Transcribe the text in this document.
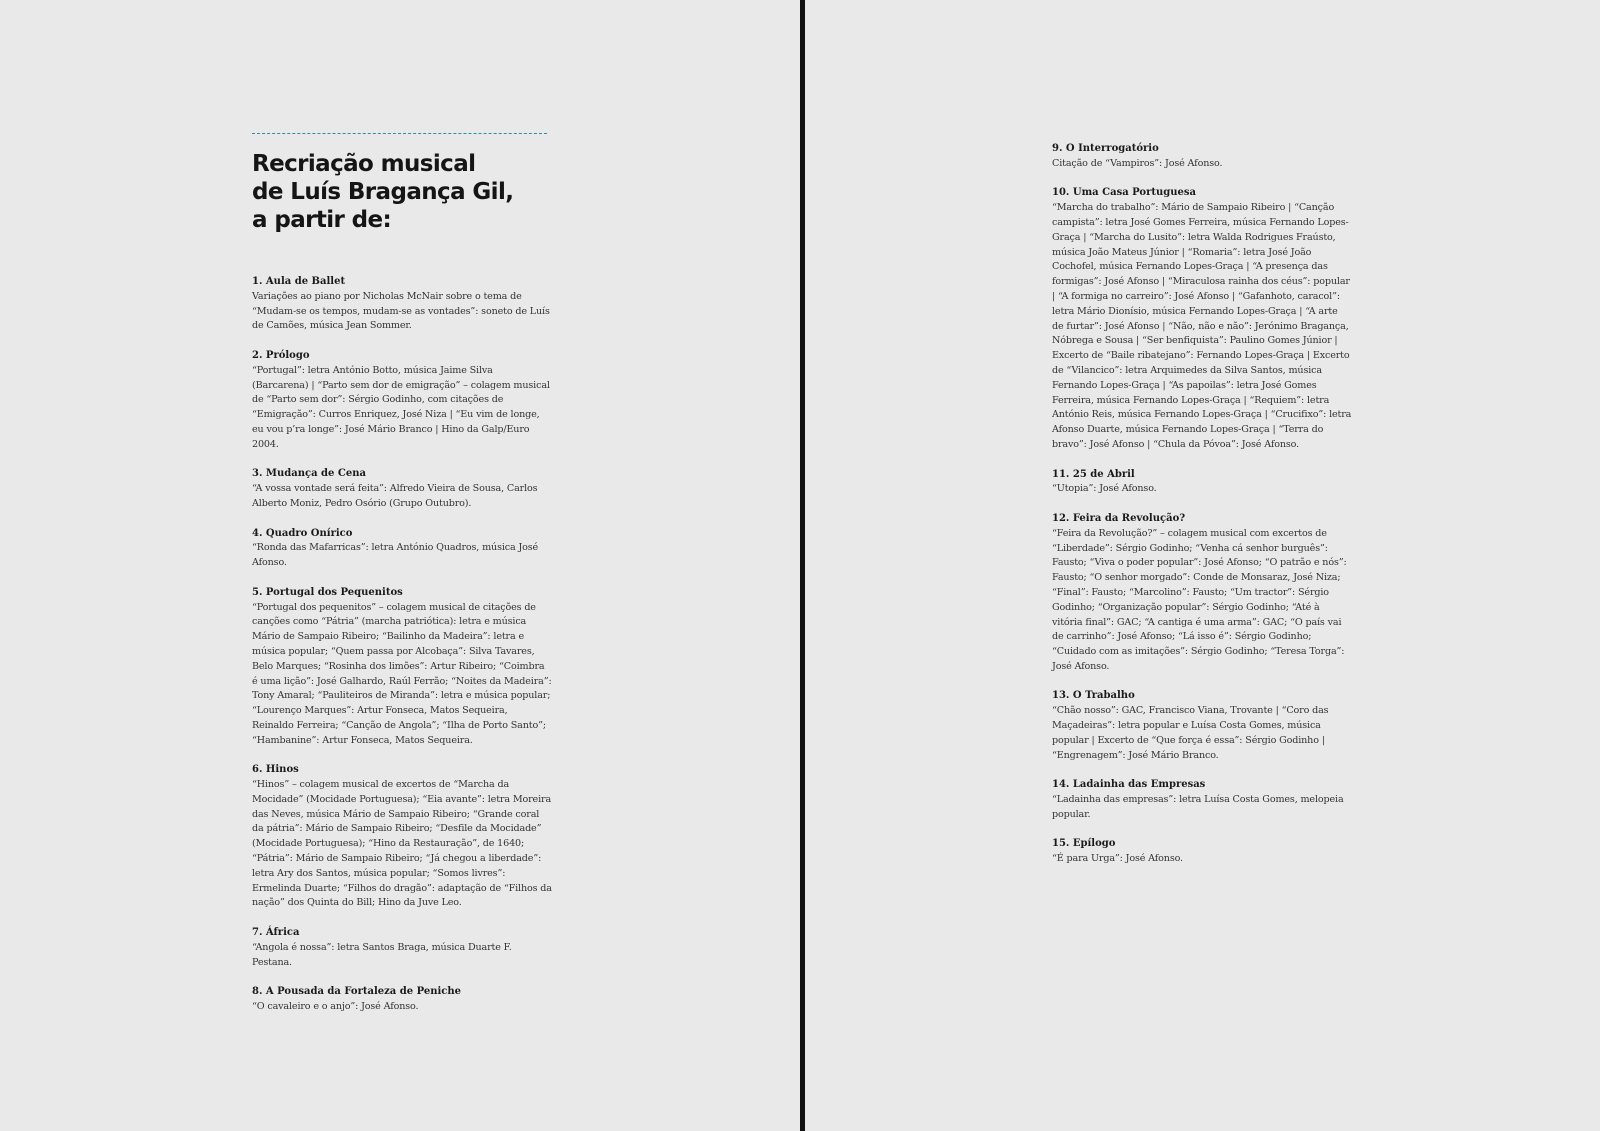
Recriação musical
de Luís Bragança Gil,
a partir de:

1. Aula de Ballet

Variações ao piano por Nicholas McNair sobre o tema de “Mudam-se os tempos, mudam-se as vontades”: soneto de Luís de Camões, música Jean Sommer.

2. Prólogo

“Portugal”: letra António Botto, música Jaime Silva (Barcarena) | “Parto sem dor de emigração” – colagem musical de “Parto sem dor”: Sérgio Godinho, com citações de “Emigração”: Curros Enriquez, José Niza | “Eu vim de longe, eu vou p’ra longe”: José Mário Branco | Hino da Galp/Euro 2004.

3. Mudança de Cena

“A vossa vontade será feita”: Alfredo Vieira de Sousa, Carlos Alberto Moniz, Pedro Osório (Grupo Outubro).

4. Quadro Onírico

“Ronda das Mafarricas”: letra António Quadros, música José Afonso.

5. Portugal dos Pequenitos

“Portugal dos pequenitos” – colagem musical de citações de canções como “Pátria” (marcha patriótica): letra e música Mário de Sampaio Ribeiro; “Bailinho da Madeira”: letra e música popular; “Quem passa por Alcobaça”: Silva Tavares, Belo Marques; “Rosinha dos limões”: Artur Ribeiro; “Coimbra é uma lição”: José Galhardo, Raúl Ferrão; “Noites da Madeira”: Tony Amaral; “Pauliteiros de Miranda”: letra e música popular; “Lourenço Marques”: Artur Fonseca, Matos Sequeira, Reinaldo Ferreira; “Canção de Angola”; “Ilha de Porto Santo”; “Hambanine”: Artur Fonseca, Matos Sequeira.

6. Hinos

“Hinos” – colagem musical de excertos de “Marcha da Mocidade” (Mocidade Portuguesa); “Eia avante”: letra Moreira das Neves, música Mário de Sampaio Ribeiro; “Grande coral da pátria”: Mário de Sampaio Ribeiro; “Desfile da Mocidade” (Mocidade Portuguesa); “Hino da Restauração”, de 1640; “Pátria”: Mário de Sampaio Ribeiro; “Já chegou a liberdade”: letra Ary dos Santos, música popular; “Somos livres”: Ermelinda Duarte; “Filhos do dragão”: adaptação de “Filhos da nação” dos Quinta do Bill; Hino da Juve Leo.

7. África

“Angola é nossa”: letra Santos Braga, música Duarte F. Pestana.

8. A Pousada da Fortaleza de Peniche

“O cavaleiro e o anjo”: José Afonso.

9. O Interrogatório

Citação de “Vampiros”: José Afonso.

10. Uma Casa Portuguesa

“Marcha do trabalho”: Mário de Sampaio Ribeiro | “Canção campista”: letra José Gomes Ferreira, música Fernando Lopes-Graça | “Marcha do Lusito”: letra Walda Rodrigues Fraústo, música João Mateus Júnior | “Romaria”: letra José João Cochofel, música Fernando Lopes-Graça | “A presença das formigas”: José Afonso | “Miraculosa rainha dos céus”: popular | “A formiga no carreiro”: José Afonso | “Gafanhoto, caracol”: letra Mário Dionísio, música Fernando Lopes-Graça | “A arte de furtar”: José Afonso | “Não, não e não”: Jerónimo Bragança, Nóbrega e Sousa | “Ser benfiquista”: Paulino Gomes Júnior | Excerto de “Baile ribatejano”: Fernando Lopes-Graça | Excerto de “Vilancico”: letra Arquimedes da Silva Santos, música Fernando Lopes-Graça | “As papoilas”: letra José Gomes Ferreira, música Fernando Lopes-Graça | “Requiem”: letra António Reis, música Fernando Lopes-Graça | “Crucifixo”: letra Afonso Duarte, música Fernando Lopes-Graça | “Terra do bravo”: José Afonso | “Chula da Póvoa”: José Afonso.

11. 25 de Abril

“Utopia”: José Afonso.

12. Feira da Revolução?

“Feira da Revolução?” – colagem musical com excertos de “Liberdade”: Sérgio Godinho; “Venha cá senhor burguês”: Fausto; “Viva o poder popular”: José Afonso; “O patrão e nós”: Fausto; “O senhor morgado”: Conde de Monsaraz, José Niza; “Final”: Fausto; “Marcolino”: Fausto; “Um tractor”: Sérgio Godinho; “Organização popular”: Sérgio Godinho; “Até à vitória final”: GAC; “A cantiga é uma arma”: GAC; “O país vai de carrinho”: José Afonso; “Lá isso é”: Sérgio Godinho; “Cuidado com as imitações”: Sérgio Godinho; “Teresa Torga”: José Afonso.

13. O Trabalho

“Chão nosso”: GAC, Francisco Viana, Trovante | “Coro das Maçadeiras”: letra popular e Luísa Costa Gomes, música popular | Excerto de “Que força é essa”: Sérgio Godinho | “Engrenagem”: José Mário Branco.

14. Ladainha das Empresas

“Ladainha das empresas”: letra Luísa Costa Gomes, melopeia popular.

15. Epílogo

“É para Urga”: José Afonso.
